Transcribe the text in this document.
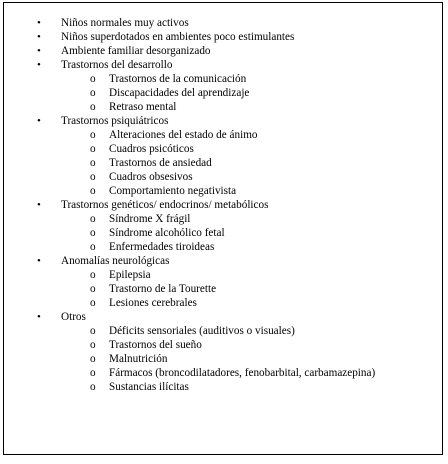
• Niños normales muy activos
• Niños superdotados en ambientes poco estimulantes
• Ambiente familiar desorganizado
• Trastornos del desarrollo
o Trastornos de la comunicación
o Discapacidades del aprendizaje
o Retraso mental
• Trastornos psiquiátricos
o Alteraciones del estado de ánimo
o Cuadros psicóticos
o Trastornos de ansiedad
o Cuadros obsesivos
o Comportamiento negativista
• Trastornos genéticos/ endocrinos/ metabólicos
o Síndrome X frágil
o Síndrome alcohólico fetal
o Enfermedades tiroideas
• Anomalías neurológicas
o Epilepsia
o Trastorno de la Tourette
o Lesiones cerebrales
• Otros
o Déficits sensoriales (auditivos o visuales)
o Trastornos del sueño
o Malnutrición
o Fármacos (broncodilatadores, fenobarbital, carbamazepina)
o Sustancias ilícitas
